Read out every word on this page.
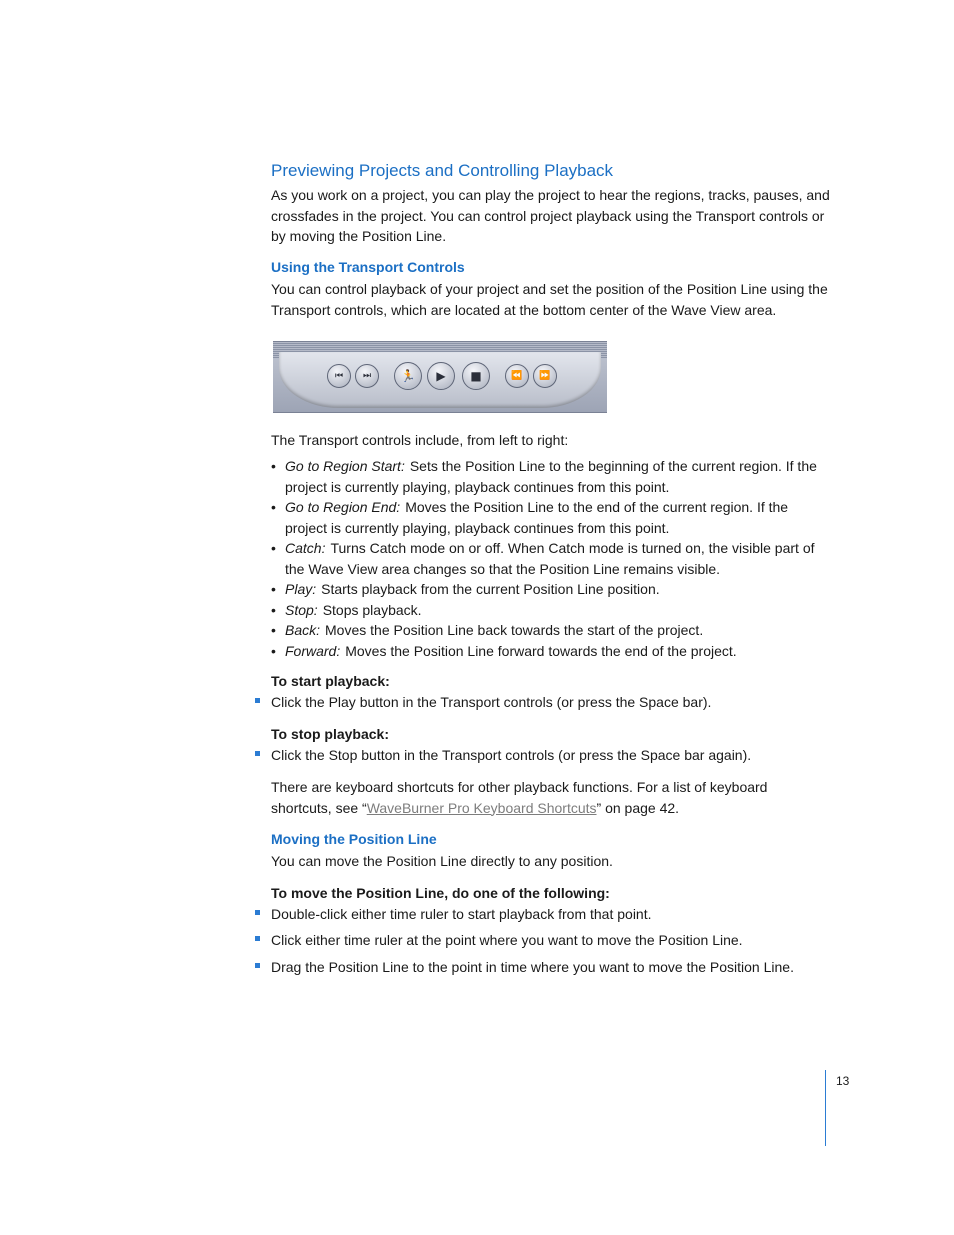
Previewing Projects and Controlling Playback
As you work on a project, you can play the project to hear the regions, tracks, pauses, and crossfades in the project. You can control project playback using the Transport controls or by moving the Position Line.
Using the Transport Controls
You can control playback of your project and set the position of the Position Line using the Transport controls, which are located at the bottom center of the Wave View area.
⏮	⏭	🏃	▶	■	⏪	⏩
The Transport controls include, from left to right:
• Go to Region Start: Sets the Position Line to the beginning of the current region. If the project is currently playing, playback continues from this point.
• Go to Region End: Moves the Position Line to the end of the current region. If the project is currently playing, playback continues from this point.
• Catch: Turns Catch mode on or off. When Catch mode is turned on, the visible part of the Wave View area changes so that the Position Line remains visible.
• Play: Starts playback from the current Position Line position.
• Stop: Stops playback.
• Back: Moves the Position Line back towards the start of the project.
• Forward: Moves the Position Line forward towards the end of the project.
To start playback:
Click the Play button in the Transport controls (or press the Space bar).
To stop playback:
Click the Stop button in the Transport controls (or press the Space bar again).
There are keyboard shortcuts for other playback functions. For a list of keyboard shortcuts, see “WaveBurner Pro Keyboard Shortcuts” on page 42.
Moving the Position Line
You can move the Position Line directly to any position.
To move the Position Line, do one of the following:
Double-click either time ruler to start playback from that point.
Click either time ruler at the point where you want to move the Position Line.
Drag the Position Line to the point in time where you want to move the Position Line.
13
